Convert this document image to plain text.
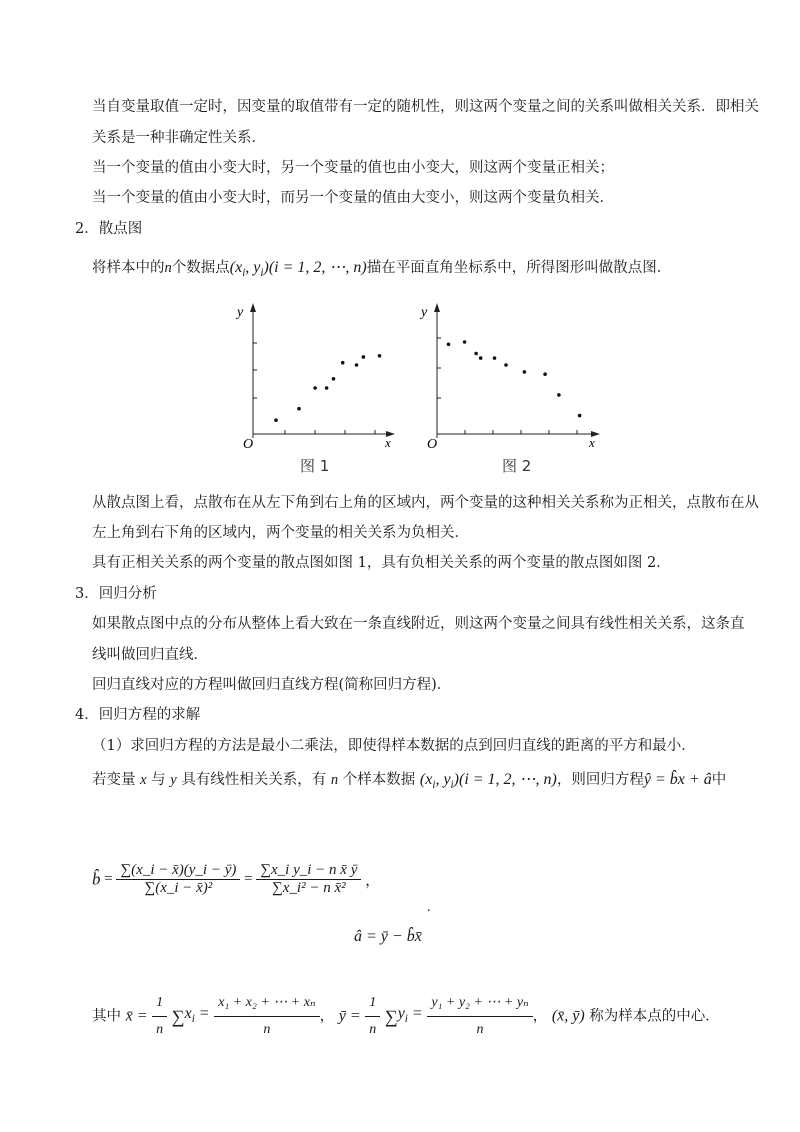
当自变量取值一定时，因变量的取值带有一定的随机性，则这两个变量之间的关系叫做相关关系．即相关
关系是一种非确定性关系．
当一个变量的值由小变大时，另一个变量的值也由小变大，则这两个变量正相关；
当一个变量的值由小变大时，而另一个变量的值由大变小，则这两个变量负相关．
2．散点图
将样本中的n个数据点($x_i$, $y_i)(i = 1$, 2, ⋯, n)描在平面直角坐标系中，所得图形叫做散点图．
y
x
O
图 1
y
x
O
图 2
从散点图上看，点散布在从左下角到右上角的区域内，两个变量的这种相关关系称为正相关，点散布在从
左上角到右下角的区域内，两个变量的相关关系为负相关．
具有正相关关系的两个变量的散点图如图 1，具有负相关关系的两个变量的散点图如图 2．
3．回归分析
如果散点图中点的分布从整体上看大致在一条直线附近，则这两个变量之间具有线性相关关系，这条直
线叫做回归直线．
回归直线对应的方程叫做回归直线方程(简称回归方程)．
4．回归方程的求解
（1）求回归方程的方法是最小二乘法，即使得样本数据的点到回归直线的距离的平方和最小．
若变量 x 与 y 具有线性相关关系，有 n 个样本数据 ($x_i$, $y_i)(i = 1$, 2, ⋯, n)，则回归方程ŷ = b̂x + â中
b̂ = $\frac{\sum(x\_i - x̄)(y\_i - ȳ)}{\text{∑(x\_i − x̄)²}} = \frac{\text{∑x\_i y\_i − n x̄ ȳ}}{\text{∑x\_i² − n x̄²}}$ ，
â = ȳ − b̂x̄
.
其中 x̄ = $\frac{1}{n} \sum x_i = \frac{\text{x₁ + x₂ + ⋯ + xₙ}}{n}$ ， ȳ = $\frac{1}{n} \sum y_i = \frac{\text{y₁ + y₂ + ⋯ + yₙ}}{n}$ ， (x̄, ȳ) 称为样本点的中心．
